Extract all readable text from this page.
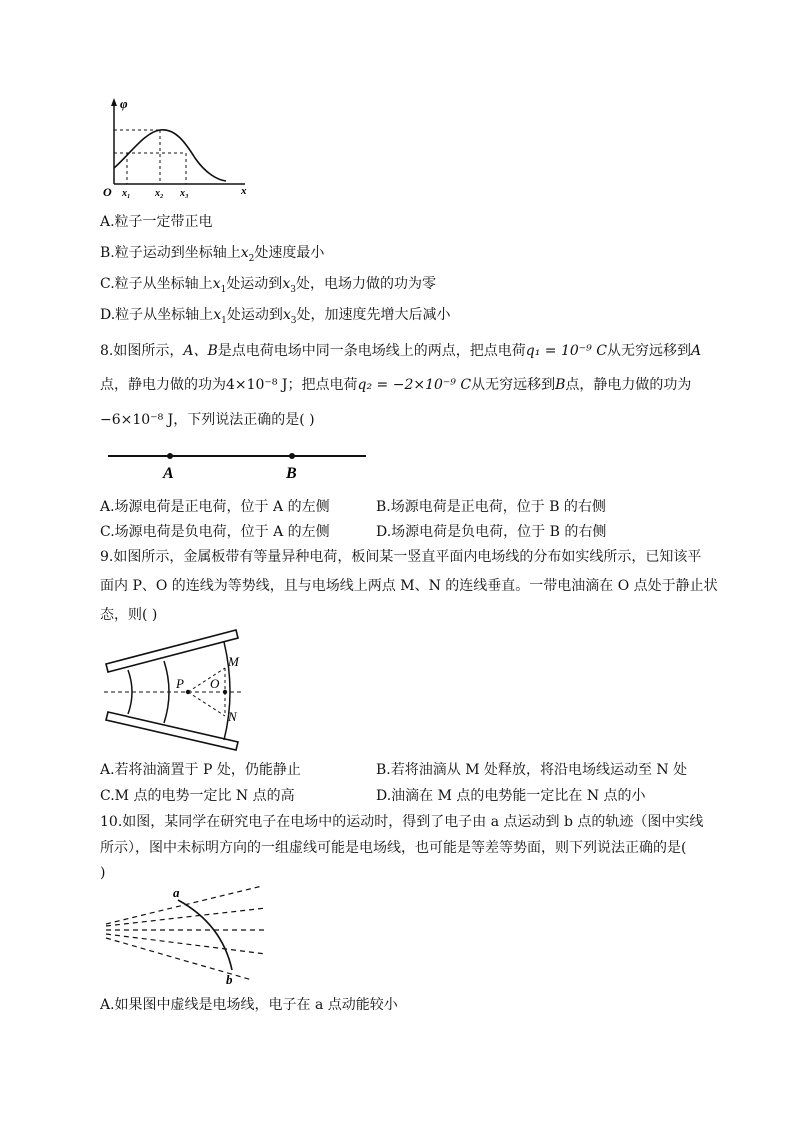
φ
x
O x₁ x₂ x₃
A.粒子一定带正电
B.粒子运动到坐标轴上$x_2$处速度最小
C.粒子从坐标轴上$x_1$处运动到$x_3$处，电场力做的功为零
D.粒子从坐标轴上$x_1$处运动到$x_3$处，加速度先增大后减小
8.如图所示，A、B是点电荷电场中同一条电场线上的两点，把点电荷q₁ = 10⁻⁹ C从无穷远移到A
点，静电力做的功为4×10⁻⁸ J；把点电荷q₂ = −2×10⁻⁹ C从无穷远移到B点，静电力做的功为
−6×10⁻⁸ J，下列说法正确的是( )
A	B
A.场源电荷是正电荷，位于 A 的左侧	B.场源电荷是正电荷，位于 B 的右侧
C.场源电荷是负电荷，位于 A 的左侧	D.场源电荷是负电荷，位于 B 的右侧
9.如图所示，金属板带有等量异种电荷，板间某一竖直平面内电场线的分布如实线所示，已知该平
面内 P、O 的连线为等势线，且与电场线上两点 M、N 的连线垂直。一带电油滴在 O 点处于静止状
态，则( )
P O
M
N
A.若将油滴置于 P 处，仍能静止	B.若将油滴从 M 处释放，将沿电场线运动至 N 处
C.M 点的电势一定比 N 点的高	D.油滴在 M 点的电势能一定比在 N 点的小
10.如图，某同学在研究电子在电场中的运动时，得到了电子由 a 点运动到 b 点的轨迹（图中实线
所示），图中未标明方向的一组虚线可能是电场线，也可能是等差等势面，则下列说法正确的是(
)
a
b
A.如果图中虚线是电场线，电子在 a 点动能较小
